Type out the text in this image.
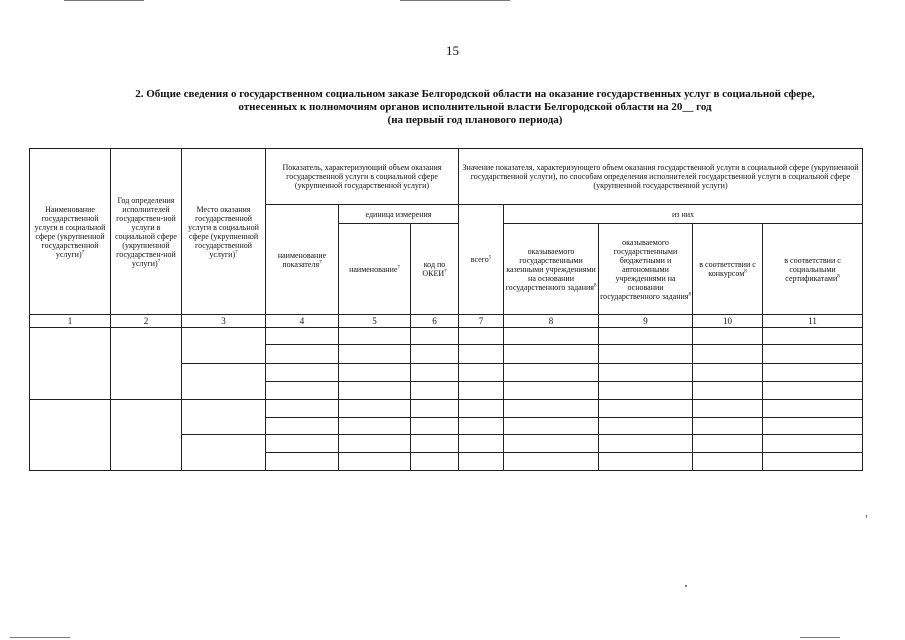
15
2. Общие сведения о государственном социальном заказе Белгородской области на оказание государственных услуг в социальной сфере,
отнесенных к полномочиям органов исполнительной власти Белгородской области на 20__ год
(на первый год планового периода)
Наименование государственной услуги в социальной сфере (укрупненной государственной услуги)$^7$	Год определения исполнителей государствен-ной услуги в социальной сфере (укрупненной государствен-ной услуги)$^7$	Место оказания государственной услуги в социальной сфере (укрупненной государственной услуги)$^7$	Показатель, характеризующий объем оказания государственной услуги в социальной сфере (укрупненной государственной услуги)			Значение показателя, характеризующего объем оказания государственной услуги в социальной сфере (укрупненной государственной услуги), по способам определения исполнителей государственной услуги в социальной сфере (укрупненной государственной услуги)				
			наименование показателя$^7$	единица измерения		всего$^5$	из них			
				наименование$^7$	код по ОКЕИ$^7$		оказываемого государственными казенными учреждениями на основании государственного задания$^8$	оказываемого государственными бюджетными и автономными учреждениями на основании государственного задания$^8$	в соответствии с конкурсом$^8$	в соответствии с социальными сертификатами$^8$

1	2	3	4	5	6	7	8	9	10	11
